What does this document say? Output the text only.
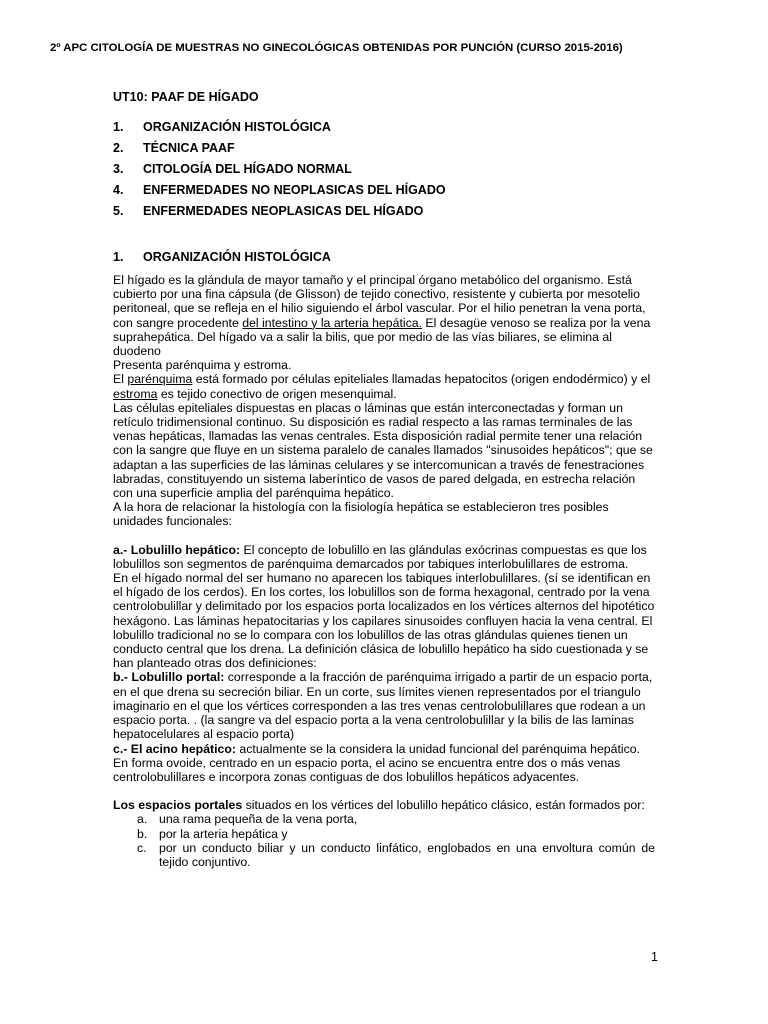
2º APC CITOLOGÍA DE MUESTRAS NO GINECOLÓGICAS OBTENIDAS POR PUNCIÓN (CURSO 2015-2016)
UT10: PAAF DE HÍGADO
1. ORGANIZACIÓN HISTOLÓGICA
2. TÉCNICA PAAF
3. CITOLOGÍA DEL HÍGADO NORMAL
4. ENFERMEDADES NO NEOPLASICAS DEL HÍGADO
5. ENFERMEDADES NEOPLASICAS DEL HÍGADO
1. ORGANIZACIÓN HISTOLÓGICA

El hígado es la glándula de mayor tamaño y el principal órgano metabólico del organismo. Está cubierto por una fina cápsula (de Glisson) de tejido conectivo, resistente y cubierta por mesotelio peritoneal, que se refleja en el hilio siguiendo el árbol vascular. Por el hilio penetran la vena porta, con sangre procedente del intestino y la arteria hepática. El desagüe venoso se realiza por la vena suprahepática. Del hígado va a salir la bilis, que por medio de las vías biliares, se elimina al duodeno

Presenta parénquima y estroma.

El parénquima está formado por células epiteliales llamadas hepatocitos (origen endodérmico) y el estroma es tejido conectivo de origen mesenquimal.

Las células epiteliales dispuestas en placas o láminas que están interconectadas y forman un retículo tridimensional continuo. Su disposición es radial respecto a las ramas terminales de las venas hepáticas, llamadas las venas centrales. Esta disposición radial permite tener una relación con la sangre que fluye en un sistema paralelo de canales llamados "sinusoides hepáticos"; que se adaptan a las superficies de las láminas celulares y se intercomunican a través de fenestraciones labradas, constituyendo un sistema laberíntico de vasos de pared delgada, en estrecha relación con una superficie amplia del parénquima hepático.

A la hora de relacionar la histología con la fisiología hepática se establecieron tres posibles unidades funcionales:

a.- Lobulillo hepático: El concepto de lobulillo en las glándulas exócrinas compuestas es que los lobulillos son segmentos de parénquima demarcados por tabiques interlobulillares de estroma.

En el hígado normal del ser humano no aparecen los tabiques interlobulillares. (sí se identifican en el hígado de los cerdos). En los cortes, los lobulillos son de forma hexagonal, centrado por la vena centrolobulillar y delimitado por los espacios porta localizados en los vértices alternos del hipotético hexágono. Las láminas hepatocitarias y los capilares sinusoides confluyen hacia la vena central. El lobulillo tradicional no se lo compara con los lobulillos de las otras glándulas quienes tienen un conducto central que los drena. La definición clásica de lobulillo hepático ha sido cuestionada y se han planteado otras dos definiciones:

b.- Lobulillo portal: corresponde a la fracción de parénquima irrigado a partir de un espacio porta, en el que drena su secreción biliar. En un corte, sus límites vienen representados por el triangulo imaginario en el que los vértices corresponden a las tres venas centrolobulillares que rodean a un espacio porta. . (la sangre va del espacio porta a la vena centrolobulillar y la bilis de las laminas hepatocelulares al espacio porta)

c.- El acino hepático: actualmente se la considera la unidad funcional del parénquima hepático. En forma ovoide, centrado en un espacio porta, el acino se encuentra entre dos o más venas centrolobulillares e incorpora zonas contiguas de dos lobulillos hepáticos adyacentes.

Los espacios portales situados en los vértices del lobulillo hepático clásico, están formados por:

a. una rama pequeña de la vena porta,
b. por la arteria hepática y
c. por un conducto biliar y un conducto linfático, englobados en una envoltura común de tejido conjuntivo.
1
